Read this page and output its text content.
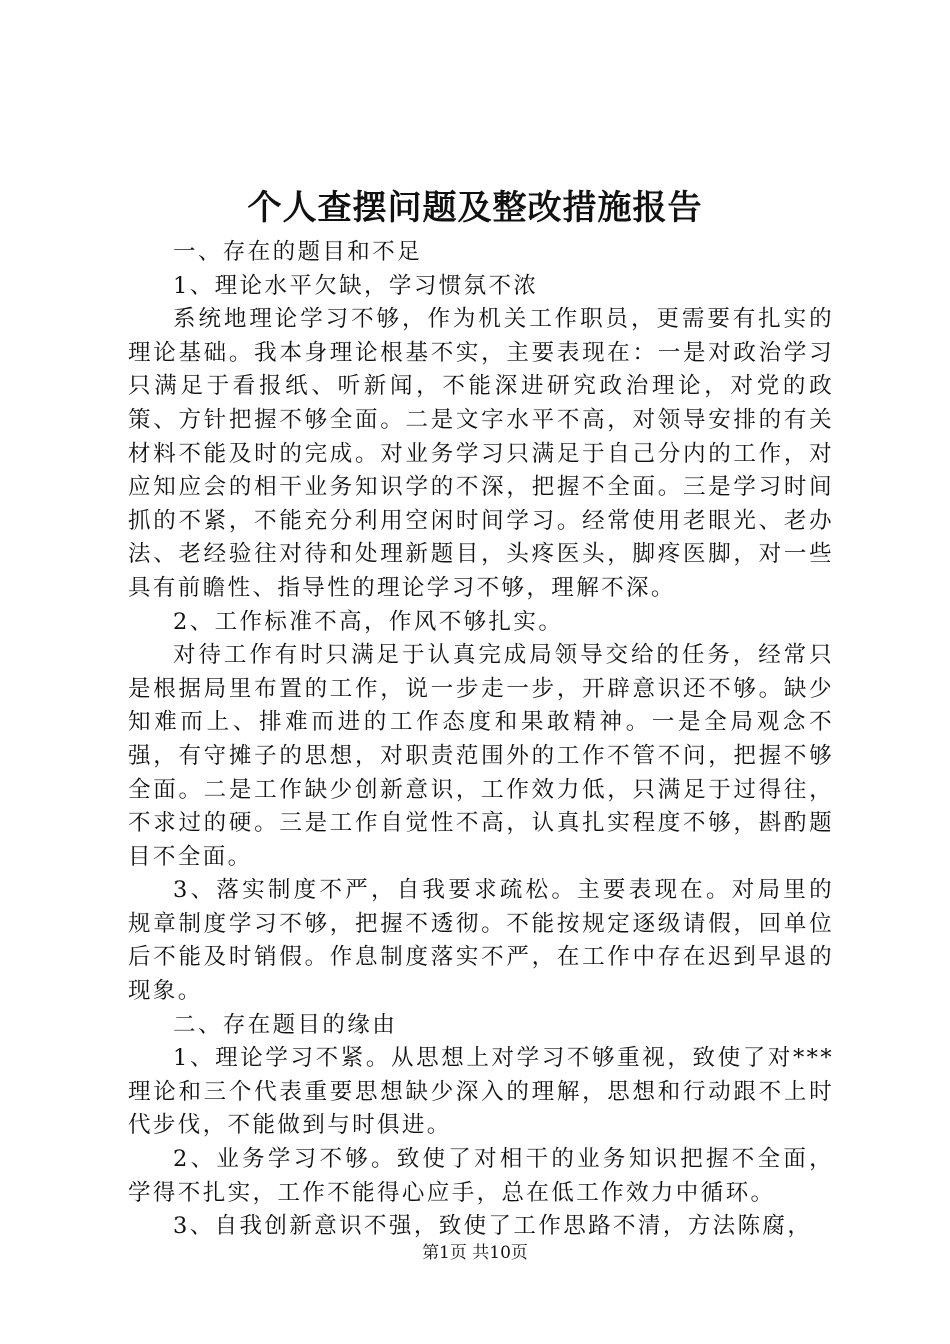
个人查摆问题及整改措施报告

一、存在的题目和不足

1、理论水平欠缺，学习惯氛不浓

系统地理论学习不够，作为机关工作职员，更需要有扎实的理论基础。我本身理论根基不实，主要表现在：一是对政治学习只满足于看报纸、听新闻，不能深进研究政治理论，对党的政策、方针把握不够全面。二是文字水平不高，对领导安排的有关材料不能及时的完成。对业务学习只满足于自己分内的工作，对应知应会的相干业务知识学的不深，把握不全面。三是学习时间抓的不紧，不能充分利用空闲时间学习。经常使用老眼光、老办法、老经验往对待和处理新题目，头疼医头，脚疼医脚，对一些具有前瞻性、指导性的理论学习不够，理解不深。

2、工作标准不高，作风不够扎实。

对待工作有时只满足于认真完成局领导交给的任务，经常只是根据局里布置的工作，说一步走一步，开辟意识还不够。缺少知难而上、排难而进的工作态度和果敢精神。一是全局观念不强，有守摊子的思想，对职责范围外的工作不管不问，把握不够全面。二是工作缺少创新意识，工作效力低，只满足于过得往，不求过的硬。三是工作自觉性不高，认真扎实程度不够，斟酌题目不全面。

3、落实制度不严，自我要求疏松。主要表现在。对局里的规章制度学习不够，把握不透彻。不能按规定逐级请假，回单位后不能及时销假。作息制度落实不严，在工作中存在迟到早退的现象。

二、存在题目的缘由

1、理论学习不紧。从思想上对学习不够重视，致使了对***理论和三个代表重要思想缺少深入的理解，思想和行动跟不上时代步伐，不能做到与时俱进。

2、业务学习不够。致使了对相干的业务知识把握不全面，学得不扎实，工作不能得心应手，总在低工作效力中循环。

3、自我创新意识不强，致使了工作思路不清，方法陈腐，

第1页 共10页
